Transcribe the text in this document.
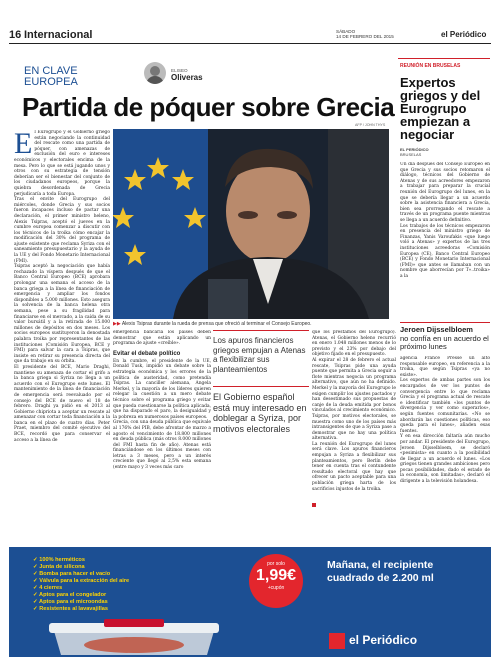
16 Internacional	SÁBADO
14 DE FEBRERO DEL 2015	el Periódico
EN CLAVE
EUROPEA
ELISEO
Oliveras
Partida de póquer sobre Grecia
AFP / JOHN THYS
▶▶ Alexis Tsipras durante la rueda de prensa que ofreció al terminar el Consejo Europeo.
E l Eurogrupo y el Gobierno griego están negociando la continuidad del rescate como una partida de póquer, con amenazas de exclusión del euro e intereses económicos y electorales encima de la mesa. Pero lo que se está jugando unos y otros con su estrategia de tensión deberían ser el bienestar del conjunto de los ciudadanos europeos, porque la quiebra desordenada de Grecia perjudicaría a toda Europa.
Tras el envite del Eurogrupo del miércoles, donde Grecia y sus socios fueron incapaces incluso de pactar una declaración, el primer ministro heleno, Alexis Tsipras, aceptó el jueves en la cumbre europea comenzar a discutir con los técnicos de la troika cómo encajar la modificación del 30% del programa de ajuste existente que reclama Syriza con el saneamiento presupuestario y la ayuda de la UE y del Fondo Monetario Internacional (FMI).
Tsipras aceptó la negociación que había rechazado la víspera después de que el Banco Central Europeo (BCE) aprobara prolongar una semana el acceso de la banca griega a la línea de financiación de emergencia y ampliar los fondos disponibles a 5.000 millones. Esto asegura la solvencia de la banca helena otra semana, pese a su fragilidad para financiarse en el mercado, a la caída de su valor bursátil y a la retirada de 15.000 millones de depósitos en dos meses. Los socios europeos sustituyeron la denostada palabra troika por representantes de las instituciones (Comisión Europea, BCE y FMI) para salvar la cara a Tsipras, que insiste en retirar su presencia directa del que da trabajo en su órbita.
El presidente del BCE, Mario Draghi, mantiene su amenaza de cortar el grifo a la banca griega si Syriza no llega a un acuerdo con el Eurogrupo este lunes. El mantenimiento de la línea de financiación de emergencia será reevaluado por el consejo del BCE de nuevo el 18 de febrero. Draghi ya pidió en el 2013 al Gobierno chipriota a aceptar un rescate al amenazar con cortar toda financiación a la banca en el plazo de cuatro días. Peter Praet, miembro del comité ejecutivo del BCE, recordó que para conservar el acceso a la línea de
emergencia bancaria los países deben demostrar que están aplicando un programa de ajuste «creíble».
Evitar el debate político
En la cumbre, el presidente de la UE, Donald Tusk, impidió un debate sobre la estrategia económica y los errores de la política de austeridad, como pretendía Tsipras. La canciller alemana, Angela Merkel, y la mayoría de los líderes quieren relegar la cuestión a un mero debate técnico sobre el programa griego y evitar que pueda cuestionarse la política aplicada, que ha disparado el paro, la desigualdad y la pobreza en numerosos países europeos.
Grecia, con una deuda pública que equivale al 176% del PIB, debe afrontar de marzo a agosto el vencimiento de 18.800 millones en deuda pública (más otros 8.000 millones del FMI hasta fin de año). Atenas está financiándose en los últimos meses con letras a 3 meses, pero a un interés creciente que llegó al 2,5% esta semana (entre mayo y 3 veces más caro
Los apuros financieros griegos empujan a Atenas a flexibilizar sus planteamientos
El Gobierno español está muy interesado en doblegar a Syriza, por motivos electorales
que los préstamos del Eurogrupo). Atenas, el Gobierno heleno recurrió en enero 1.048 millones menos de lo previsto y el 23% por debajo del objetivo fijado en el presupuesto.
Al expirar el 28 de febrero el actual rescate, Tsipras pide una ayuda puente que permita a Grecia seguir a flote mientras negocia un programa alternativo, que aún no ha definido. Merkel y la mayoría del Eurogrupo le exigen cumplir los ajustes pactados y han desestimado sus propuestas de canje de la deuda emitida por bonos vinculados al crecimiento económico. Tsipras, por motivos electorales, se muestra como uno de los países más intransigentes de que a Syriza pase a demostrar que no hay una política alternativa.
La reunión del Eurogrupo del lunes será clave. Los apuros financieros empujan a Syriza a flexibilizar sus planteamientos, pero Berlín debe tener en cuenta tras el contundente resultado electoral que hay que ofrecer un pacto aceptable para una población griega harta de los sacrificios injustos de la troika.
REUNIÓN EN BRUSELAS
Expertos griegos y del Eurogrupo empiezan a negociar
EL PERIÓDICO
BRUSELAS
Un día después del Consejo Europeo en que Grecia y sus socios retomaron el diálogo, técnicos del Gobierno de Atenas y de sus acreedores empezaron a trabajar para preparar la crucial reunión del Eurogrupo del lunes, en la que se debería llegar a un acuerdo sobre la asistencia financiera a Grecia, bien sea prorrogando el rescate a través de un programa puente mientras se llega a un acuerdo definitivo.
Los trabajos de los técnicos empezaron en presencia del ministro griego de Finanzas, Yanis Varoufakis «que luego voló a Atenas» y expertos de las tres instituciones acreedoras «Comisión Europea (CE), Banco Central Europeo (BCE) y Fondo Monetario Internacional (FMI)» que antes se llamaban con un nombre que aborrecían por T»..troika» a la
Jeroen Dijsselbloem
no confía en un acuerdo el próximo lunes
agencia France Presse un alto responsable europeo, en referencia a la troika, que según Tsipras «ya no existe».
Los expertos de ambas partes son los encargados de ver los puntos de convergencia entre lo que reclama Grecia y el programa actual de rescate e identificar también «los puntos de divergencia y ver como superarlos», según fuentes comunitarias. «No se abordarán las cuestiones políticas, eso queda para el lunes», añaden esas fuentes.
Y en esa dirección faltaría aún mucho por andar. El presidente del Eurogrupo, Jeroen Dijsselbloem, se declaró «pesimista» en cuanto a la posibilidad de llegar a un acuerdo el lunes. «Los griegos tienen grandes ambiciones pero pocas posibilidades, dado el estado de la economía, son limitadas», declaró el dirigente a la televisión holandesa.
✓ 100% herméticos
✓ Junta de silicona
✓ Bomba para hacer el vacío
✓ Válvula para la extracción del aire
✓ 4 cierres
✓ Aptos para el congelador
✓ Aptos para el microondas
✓ Resistentes al lavavajillas
por solo
1,99€
+cupón
Mañana, el recipiente cuadrado de 2.200 ml
el Periódico
